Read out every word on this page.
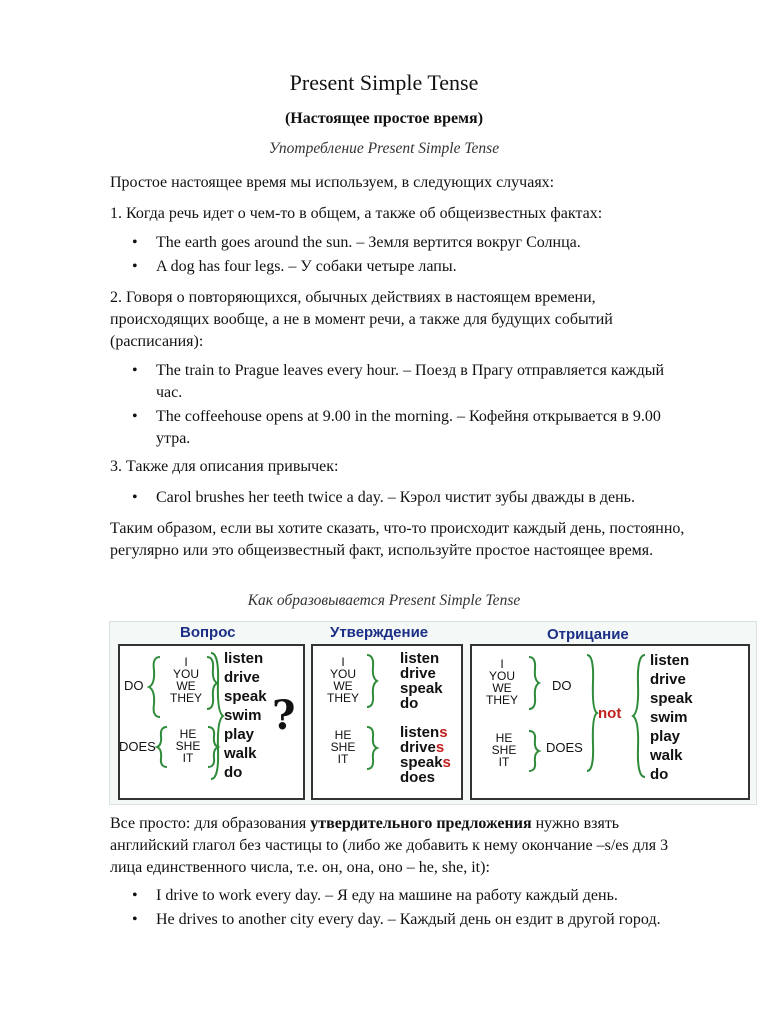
Present Simple Tense
(Настоящее простое время)
Употребление Present Simple Tense
Простое настоящее время мы используем, в следующих случаях:
1. Когда речь идет о чем-то в общем, а также об общеизвестных фактах:
• The earth goes around the sun. – Земля вертится вокруг Солнца.
• A dog has four legs. – У собаки четыре лапы.
2. Говоря о повторяющихся, обычных действиях в настоящем времени, происходящих вообще, а не в момент речи, а также для будущих событий (расписания):
• The train to Prague leaves every hour. – Поезд в Прагу отправляется каждый час.
• The coffeehouse opens at 9.00 in the morning. – Кофейня открывается в 9.00 утра.
3. Также для описания привычек:
• Carol brushes her teeth twice a day. – Кэрол чистит зубы дважды в день.
Таким образом, если вы хотите сказать, что-то происходит каждый день, постоянно, регулярно или это общеизвестный факт, используйте простое настоящее время.
Как образовывается Present Simple Tense
Вопрос
DO
I
YOU
WE
THEY
DOES
HE
SHE
IT
listen
drive
speak
swim
play
walk
do
?
Утверждение
I
YOU
WE
THEY
listen
drive
speak
do
HE
SHE
IT
listens
drives
speaks
does
Отрицание
I
YOU
WE
THEY
DO
HE
SHE
IT
DOES
not
listen
drive
speak
swim
play
walk
do
Все просто: для образования утвердительного предложения нужно взять английский глагол без частицы to (либо же добавить к нему окончание –s/es для 3 лица единственного числа, т.е. он, она, оно – he, she, it):
• I drive to work every day. – Я еду на машине на работу каждый день.
• He drives to another city every day. – Каждый день он ездит в другой город.
